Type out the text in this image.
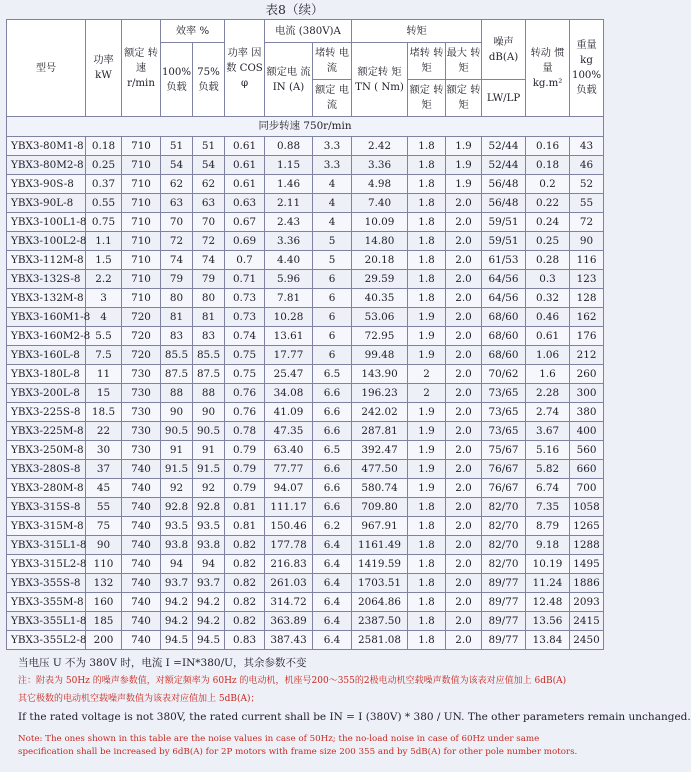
表8（续）
型号	功率 kW	额定 转速 r/min	效率 %		功率 因数 COS φ	电流 (380V)A		转矩			噪声 dB(A)	转动 惯量 kg.m²	重量 kg 100% 负载
			100% 负载	75% 负载		额定电 流 IN (A)	堵转 电流	额定转 矩 TN ( Nm)	堵转 转矩	最大 转矩			
							额定 电流		额定 转矩	额定 转矩	LW/LP		
同步转速 750r/min													
YBX3-80M1-8	0.18	710	51	51	0.61	0.88	3.3	2.42	1.8	1.9	52/44	0.16	43
YBX3-80M2-8	0.25	710	54	54	0.61	1.15	3.3	3.36	1.8	1.9	52/44	0.18	46
YBX3-90S-8	0.37	710	62	62	0.61	1.46	4	4.98	1.8	1.9	56/48	0.2	52
YBX3-90L-8	0.55	710	63	63	0.63	2.11	4	7.40	1.8	2.0	56/48	0.22	55
YBX3-100L1-8	0.75	710	70	70	0.67	2.43	4	10.09	1.8	2.0	59/51	0.24	72
YBX3-100L2-8	1.1	710	72	72	0.69	3.36	5	14.80	1.8	2.0	59/51	0.25	90
YBX3-112M-8	1.5	710	74	74	0.7	4.40	5	20.18	1.8	2.0	61/53	0.28	116
YBX3-132S-8	2.2	710	79	79	0.71	5.96	6	29.59	1.8	2.0	64/56	0.3	123
YBX3-132M-8	3	710	80	80	0.73	7.81	6	40.35	1.8	2.0	64/56	0.32	128
YBX3-160M1-8	4	720	81	81	0.73	10.28	6	53.06	1.9	2.0	68/60	0.46	162
YBX3-160M2-8	5.5	720	83	83	0.74	13.61	6	72.95	1.9	2.0	68/60	0.61	176
YBX3-160L-8	7.5	720	85.5	85.5	0.75	17.77	6	99.48	1.9	2.0	68/60	1.06	212
YBX3-180L-8	11	730	87.5	87.5	0.75	25.47	6.5	143.90	2	2.0	70/62	1.6	260
YBX3-200L-8	15	730	88	88	0.76	34.08	6.6	196.23	2	2.0	73/65	2.28	300
YBX3-225S-8	18.5	730	90	90	0.76	41.09	6.6	242.02	1.9	2.0	73/65	2.74	380
YBX3-225M-8	22	730	90.5	90.5	0.78	47.35	6.6	287.81	1.9	2.0	73/65	3.67	400
YBX3-250M-8	30	730	91	91	0.79	63.40	6.5	392.47	1.9	2.0	75/67	5.16	560
YBX3-280S-8	37	740	91.5	91.5	0.79	77.77	6.6	477.50	1.9	2.0	76/67	5.82	660
YBX3-280M-8	45	740	92	92	0.79	94.07	6.6	580.74	1.9	2.0	76/67	6.74	700
YBX3-315S-8	55	740	92.8	92.8	0.81	111.17	6.6	709.80	1.8	2.0	82/70	7.35	1058
YBX3-315M-8	75	740	93.5	93.5	0.81	150.46	6.2	967.91	1.8	2.0	82/70	8.79	1265
YBX3-315L1-8	90	740	93.8	93.8	0.82	177.78	6.4	1161.49	1.8	2.0	82/70	9.18	1288
YBX3-315L2-8	110	740	94	94	0.82	216.83	6.4	1419.59	1.8	2.0	82/70	10.19	1495
YBX3-355S-8	132	740	93.7	93.7	0.82	261.03	6.4	1703.51	1.8	2.0	89/77	11.24	1886
YBX3-355M-8	160	740	94.2	94.2	0.82	314.72	6.4	2064.86	1.8	2.0	89/77	12.48	2093
YBX3-355L1-8	185	740	94.2	94.2	0.82	363.89	6.4	2387.50	1.8	2.0	89/77	13.56	2415
YBX3-355L2-8	200	740	94.5	94.5	0.83	387.43	6.4	2581.08	1.8	2.0	89/77	13.84	2450
当电压 U 不为 380V 时，电流 I =IN*380/U，其余参数不变
注：附表为 50Hz 的噪声参数值，对额定频率为 60Hz 的电动机，机座号200～355的2极电动机空载噪声数值为该表对应值加上 6dB(A)
其它极数的电动机空载噪声数值为该表对应值加上 5dB(A)；
If the rated voltage is not 380V, the rated current shall be IN = I (380V) * 380 / UN. The other parameters remain unchanged.
Note: The ones shown in this table are the noise values in case of 50Hz; the no-load noise in case of 60Hz under same specification shall be increased by 6dB(A) for 2P motors with frame size 200 355 and by 5dB(A) for other pole number motors.
